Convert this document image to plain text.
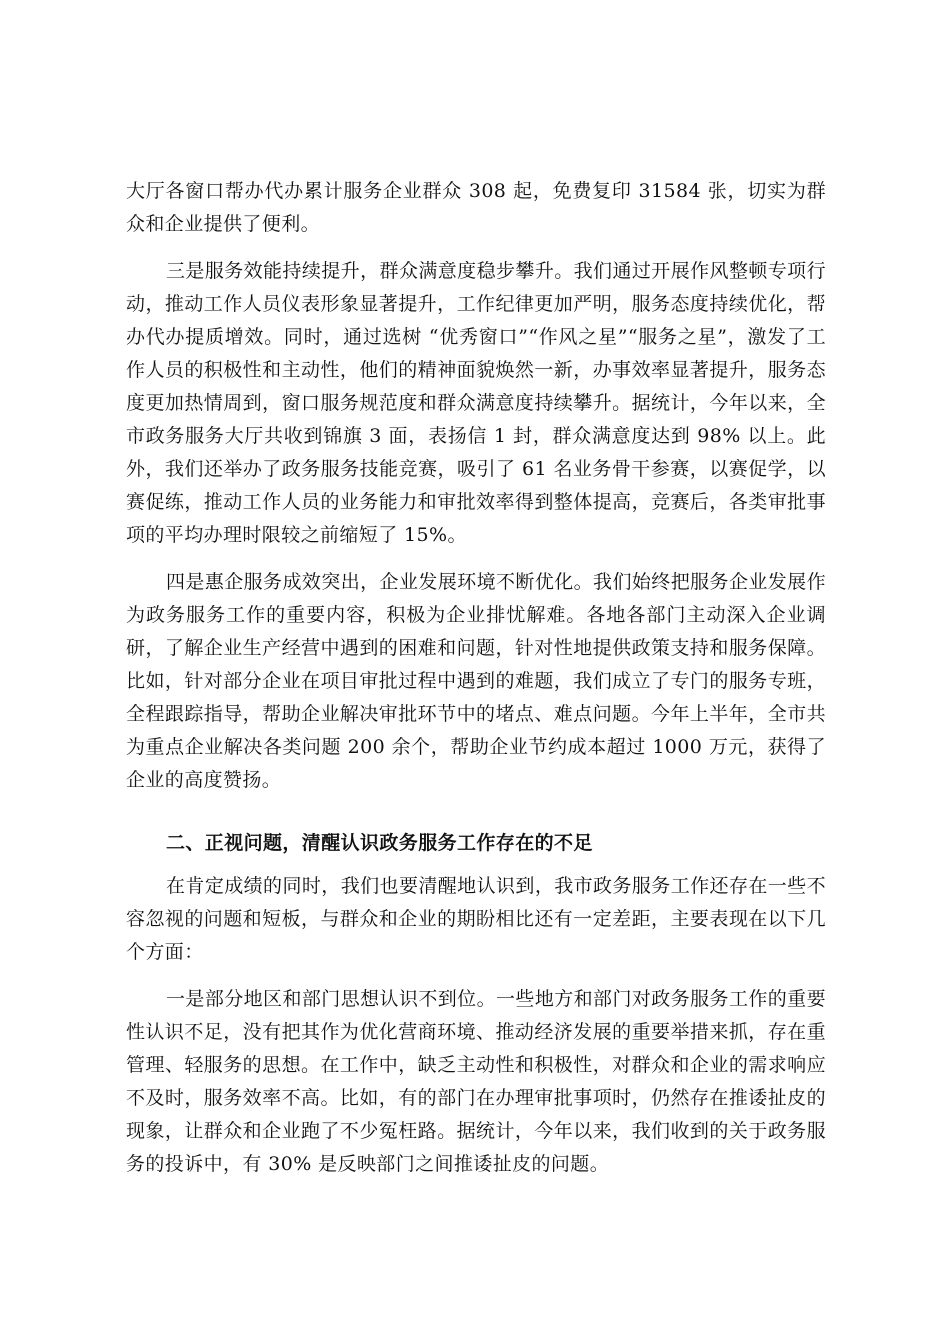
大厅各窗口帮办代办累计服务企业群众 308 起，免费复印 31584 张，切实为群众和企业提供了便利。

三是服务效能持续提升，群众满意度稳步攀升。我们通过开展作风整顿专项行动，推动工作人员仪表形象显著提升，工作纪律更加严明，服务态度持续优化，帮办代办提质增效。同时，通过选树 “优秀窗口”“作风之星”“服务之星”，激发了工作人员的积极性和主动性，他们的精神面貌焕然一新，办事效率显著提升，服务态度更加热情周到，窗口服务规范度和群众满意度持续攀升。据统计，今年以来，全市政务服务大厅共收到锦旗 3 面，表扬信 1 封，群众满意度达到 98% 以上。此外，我们还举办了政务服务技能竞赛，吸引了 61 名业务骨干参赛，以赛促学，以赛促练，推动工作人员的业务能力和审批效率得到整体提高，竞赛后，各类审批事项的平均办理时限较之前缩短了 15%。

四是惠企服务成效突出，企业发展环境不断优化。我们始终把服务企业发展作为政务服务工作的重要内容，积极为企业排忧解难。各地各部门主动深入企业调研，了解企业生产经营中遇到的困难和问题，针对性地提供政策支持和服务保障。比如，针对部分企业在项目审批过程中遇到的难题，我们成立了专门的服务专班，全程跟踪指导，帮助企业解决审批环节中的堵点、难点问题。今年上半年，全市共为重点企业解决各类问题 200 余个，帮助企业节约成本超过 1000 万元，获得了企业的高度赞扬。

二、正视问题，清醒认识政务服务工作存在的不足

在肯定成绩的同时，我们也要清醒地认识到，我市政务服务工作还存在一些不容忽视的问题和短板，与群众和企业的期盼相比还有一定差距，主要表现在以下几个方面：

一是部分地区和部门思想认识不到位。一些地方和部门对政务服务工作的重要性认识不足，没有把其作为优化营商环境、推动经济发展的重要举措来抓，存在重管理、轻服务的思想。在工作中，缺乏主动性和积极性，对群众和企业的需求响应不及时，服务效率不高。比如，有的部门在办理审批事项时，仍然存在推诿扯皮的现象，让群众和企业跑了不少冤枉路。据统计，今年以来，我们收到的关于政务服务的投诉中，有 30% 是反映部门之间推诿扯皮的问题。
